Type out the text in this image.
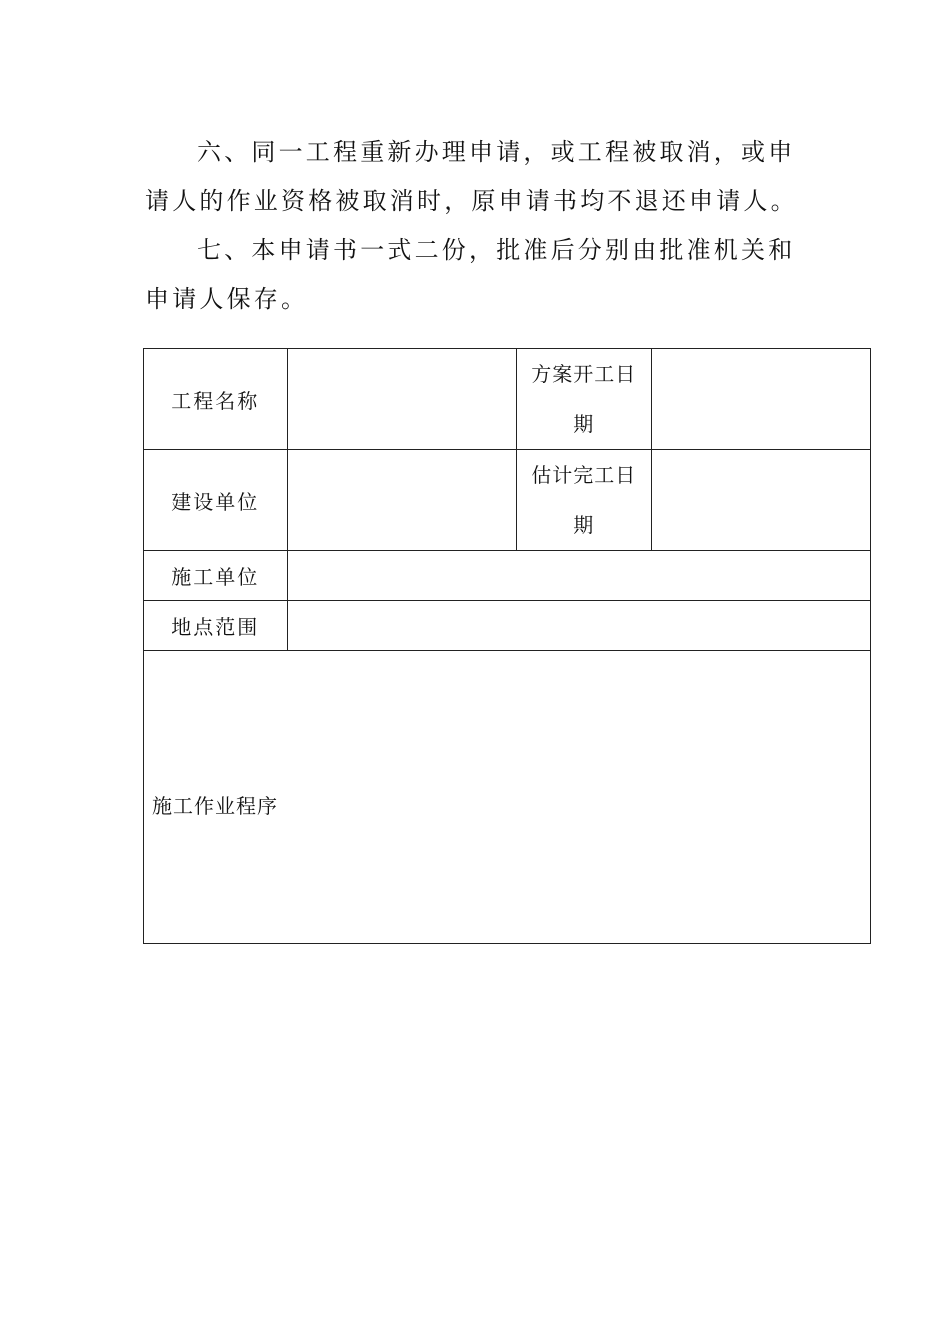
六、同一工程重新办理申请，或工程被取消，或申请人的作业资格被取消时，原申请书均不退还申请人。

七、本申请书一式二份，批准后分别由批准机关和申请人保存。

工程名称		方案开工日
期	

建设单位		估计完工日
期	

施工单位			
地点范围			

施工作业程序			
